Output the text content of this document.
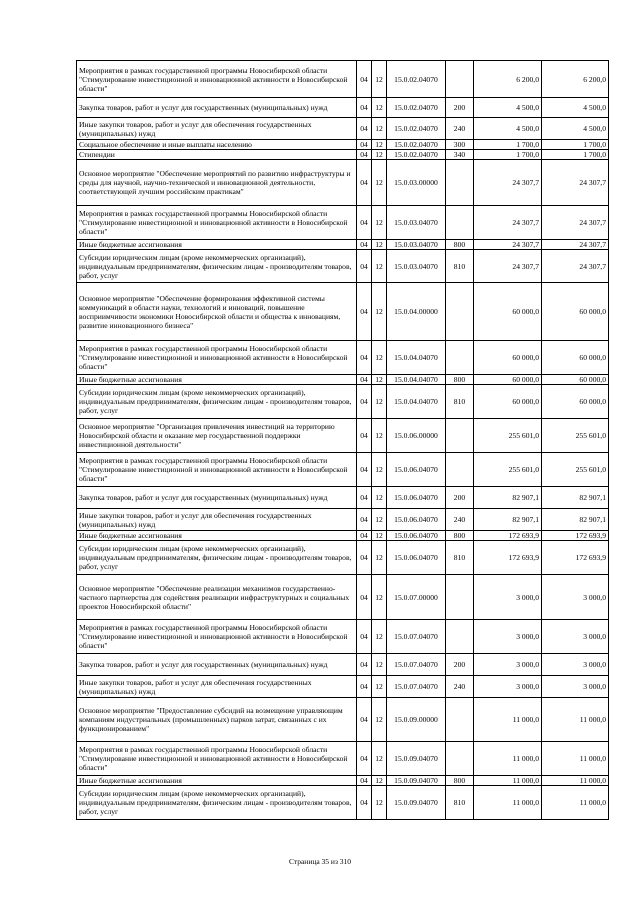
Мероприятия в рамках государственной программы Новосибирской области "Стимулирование инвестиционной и инновационной активности в Новосибирской области"	04	12	15.0.02.04070		6 200,0	6 200,0
Закупка товаров, работ и услуг для государственных (муниципальных) нужд	04	12	15.0.02.04070	200	4 500,0	4 500,0
Иные закупки товаров, работ и услуг для обеспечения государственных (муниципальных) нужд	04	12	15.0.02.04070	240	4 500,0	4 500,0
Социальное обеспечение и иные выплаты населению	04	12	15.0.02.04070	300	1 700,0	1 700,0
Стипендии	04	12	15.0.02.04070	340	1 700,0	1 700,0
Основное мероприятие "Обеспечение мероприятий по развитию инфраструктуры и среды для научной, научно-технической и инновационной деятельности, соответствующей лучшим российским практикам"	04	12	15.0.03.00000		24 307,7	24 307,7
Мероприятия в рамках государственной программы Новосибирской области "Стимулирование инвестиционной и инновационной активности в Новосибирской области"	04	12	15.0.03.04070		24 307,7	24 307,7
Иные бюджетные ассигнования	04	12	15.0.03.04070	800	24 307,7	24 307,7
Субсидии юридическим лицам (кроме некоммерческих организаций), индивидуальным предпринимателям, физическим лицам - производителям товаров, работ, услуг	04	12	15.0.03.04070	810	24 307,7	24 307,7
Основное мероприятие "Обеспечение формирования эффективной системы коммуникаций в области науки, технологий и инноваций, повышение восприимчивости экономики Новосибирской области и общества к инновациям, развитие инновационного бизнеса"	04	12	15.0.04.00000		60 000,0	60 000,0
Мероприятия в рамках государственной программы Новосибирской области "Стимулирование инвестиционной и инновационной активности в Новосибирской области"	04	12	15.0.04.04070		60 000,0	60 000,0
Иные бюджетные ассигнования	04	12	15.0.04.04070	800	60 000,0	60 000,0
Субсидии юридическим лицам (кроме некоммерческих организаций), индивидуальным предпринимателям, физическим лицам - производителям товаров, работ, услуг	04	12	15.0.04.04070	810	60 000,0	60 000,0
Основное мероприятие "Организация привлечения инвестиций на территорию Новосибирской области и оказание мер государственной поддержки инвестиционной деятельности"	04	12	15.0.06.00000		255 601,0	255 601,0
Мероприятия в рамках государственной программы Новосибирской области "Стимулирование инвестиционной и инновационной активности в Новосибирской области"	04	12	15.0.06.04070		255 601,0	255 601,0
Закупка товаров, работ и услуг для государственных (муниципальных) нужд	04	12	15.0.06.04070	200	82 907,1	82 907,1
Иные закупки товаров, работ и услуг для обеспечения государственных (муниципальных) нужд	04	12	15.0.06.04070	240	82 907,1	82 907,1
Иные бюджетные ассигнования	04	12	15.0.06.04070	800	172 693,9	172 693,9
Субсидии юридическим лицам (кроме некоммерческих организаций), индивидуальным предпринимателям, физическим лицам - производителям товаров, работ, услуг	04	12	15.0.06.04070	810	172 693,9	172 693,9
Основное мероприятие "Обеспечение реализации механизмов государственно-частного партнерства для содействия реализации инфраструктурных и социальных проектов Новосибирской области"	04	12	15.0.07.00000		3 000,0	3 000,0
Мероприятия в рамках государственной программы Новосибирской области "Стимулирование инвестиционной и инновационной активности в Новосибирской области"	04	12	15.0.07.04070		3 000,0	3 000,0
Закупка товаров, работ и услуг для государственных (муниципальных) нужд	04	12	15.0.07.04070	200	3 000,0	3 000,0
Иные закупки товаров, работ и услуг для обеспечения государственных (муниципальных) нужд	04	12	15.0.07.04070	240	3 000,0	3 000,0
Основное мероприятие "Предоставление субсидий на возмещение управляющим компаниям индустриальных (промышленных) парков затрат, связанных с их функционированием"	04	12	15.0.09.00000		11 000,0	11 000,0
Мероприятия в рамках государственной программы Новосибирской области "Стимулирование инвестиционной и инновационной активности в Новосибирской области"	04	12	15.0.09.04070		11 000,0	11 000,0
Иные бюджетные ассигнования	04	12	15.0.09.04070	800	11 000,0	11 000,0
Субсидии юридическим лицам (кроме некоммерческих организаций), индивидуальным предпринимателям, физическим лицам - производителям товаров, работ, услуг	04	12	15.0.09.04070	810	11 000,0	11 000,0
Страница 35 из 310
